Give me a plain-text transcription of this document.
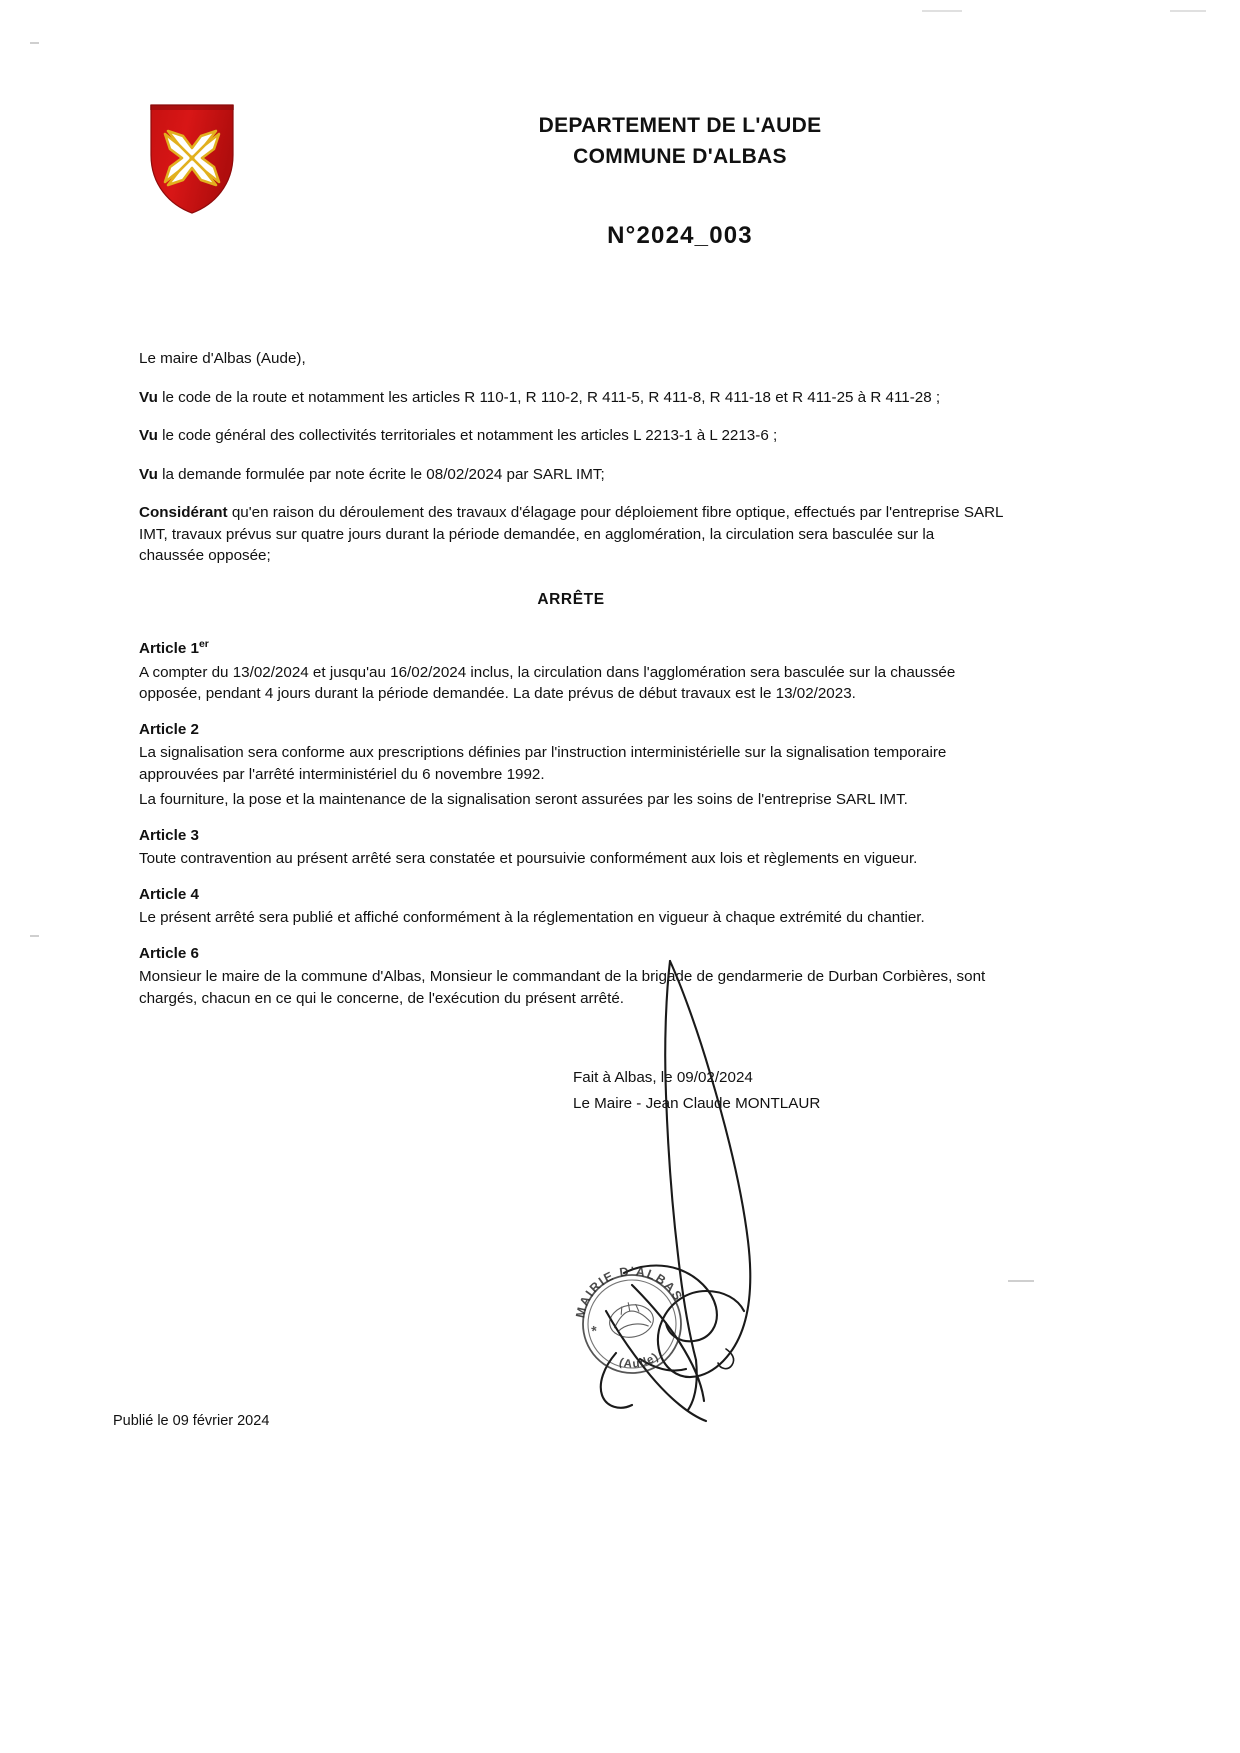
DEPARTEMENT DE L'AUDE
COMMUNE D'ALBAS
N°2024_003

Le maire d'Albas (Aude),

Vu le code de la route et notamment les articles R 110-1, R 110-2, R 411-5, R 411-8, R 411-18 et R 411-25 à R 411-28 ;

Vu le code général des collectivités territoriales et notamment les articles L 2213-1 à L 2213-6 ;

Vu la demande formulée par note écrite le 08/02/2024 par SARL IMT;

Considérant qu'en raison du déroulement des travaux d'élagage pour déploiement fibre optique, effectués par l'entreprise SARL IMT, travaux prévus sur quatre jours durant la période demandée, en agglomération, la circulation sera basculée sur la chaussée opposée;

ARRÊTE
Article 1er

A compter du 13/02/2024 et jusqu'au 16/02/2024 inclus, la circulation dans l'agglomération sera basculée sur la chaussée opposée, pendant 4 jours durant la période demandée. La date prévus de début travaux est le 13/02/2023.

Article 2

La signalisation sera conforme aux prescriptions définies par l'instruction interministérielle sur la signalisation temporaire approuvées par l'arrêté interministériel du 6 novembre 1992.

La fourniture, la pose et la maintenance de la signalisation seront assurées par les soins de l'entreprise SARL IMT.

Article 3

Toute contravention au présent arrêté sera constatée et poursuivie conformément aux lois et règlements en vigueur.

Article 4

Le présent arrêté sera publié et affiché conformément à la réglementation en vigueur à chaque extrémité du chantier.

Article 6

Monsieur le maire de la commune d'Albas, Monsieur le commandant de la brigade de gendarmerie de Durban Corbières, sont chargés, chacun en ce qui le concerne, de l'exécution du présent arrêté.

Fait à Albas, le 09/02/2024
Le Maire - Jean Claude MONTLAUR
MAIRIE D'ALBAS
(Aude)
*
Publié le 09 février 2024
